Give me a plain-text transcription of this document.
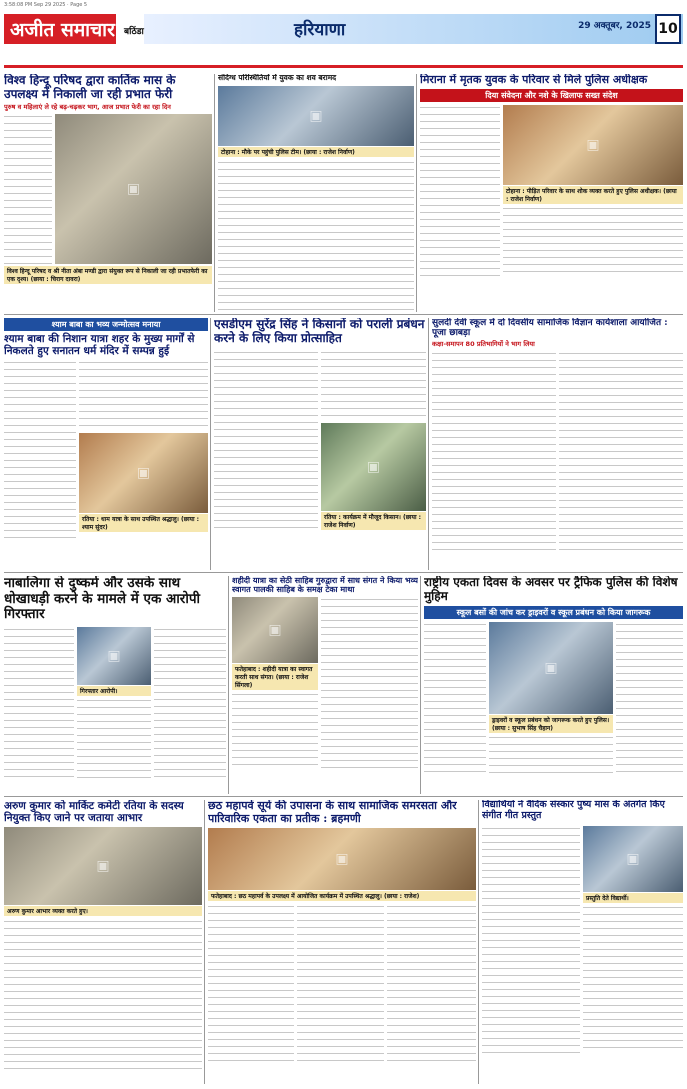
3:58:08 PM Sep 29 2025 · Page 5
अजीत समाचार बठिंडा	हरियाणा	29 अक्तूबर, 2025 10
विश्व हिन्दू परिषद द्वारा कार्तिक मास के उपलक्ष्य में निकाली जा रही प्रभात फेरी
पुरुष व महिलाएं ले रहे बढ़-चढ़कर भाग, आज प्रभात फेरी का रहा दिन
▣
विश्व हिन्दू परिषद व श्री नीता अंबा मण्डी द्वारा संयुक्त रूप से निकाली जा रही प्रभातफेरी का एक दृश्य। (छाया : चिराग दावरा)
संदिग्ध परिस्थितियों में युवक का शव बरामद
▣
टोहाना : मौके पर पहुंची पुलिस टीम। (छाया : राजेश निर्वाण)
मिराना में मृतक युवक के परिवार से मिले पुलिस अधीक्षक
दिया संवेदना और नशे के खिलाफ सख्त संदेश
▣
टोहाना : पीड़ित परिवार के साथ शोक व्यक्त करते हुए पुलिस अधीक्षक। (छाया : राजेश निर्वाण)
श्याम बाबा का भव्य जन्मोत्सव मनाया
श्याम बाबा की निशान यात्रा शहर के मुख्य मार्गों से निकलते हुए सनातन धर्म मंदिर में सम्पन्न हुई
▣
रतिया : धाम यात्रा के साथ उपस्थित श्रद्धालु। (छाया : श्याम सुंदर)
एसडीएम सुरेंद्र सिंह ने किसानों को पराली प्रबंधन करने के लिए किया प्रोत्साहित
▣
रतिया : कार्यक्रम में मौजूद किसान। (छाया : राजेश निर्वाण)
सुलदी देवी स्कूल में दो दिवसीय सामाजिक विज्ञान कार्यशाला आयोजित : पूजा छाबड़ा
कक्षा-समापन 80 प्रतिभागियों ने भाग लिया
नाबालिगा से दुष्कर्म और उसके साथ धोखाधड़ी करने के मामले में एक आरोपी गिरफ्तार
▣
गिरफ्तार आरोपी।
शहीदी यात्रा का सेठी साहिब गुरुद्वारा में साध संगत ने किया भव्य स्वागत पालकी साहिब के समक्ष टेका माथा
▣
फतेहाबाद : शहीदी यात्रा का स्वागत करती साध संगत। (छाया : राजेश सिंगला)
राष्ट्रीय एकता दिवस के अवसर पर ट्रैफिक पुलिस की विशेष मुहिम
स्कूल बसों की जांच कर ड्राइवरों व स्कूल प्रबंधन को किया जागरूक
▣
ड्राइवरों व स्कूल प्रबंधन को जागरूक करते हुए पुलिस। (छाया : सुभाष सिंह चैहान)
अरुण कुमार को मार्किट कमेटी रतिया के सदस्य नियुक्त किए जाने पर जताया आभार
▣
अरुण कुमार आभार व्यक्त करते हुए।
छठ महापर्व सूर्य की उपासना के साथ सामाजिक समरसता और पारिवारिक एकता का प्रतीक : ब्रहमणी
▣
फतेहाबाद : छठ महापर्व के उपलक्ष्य में आयोजित कार्यक्रम में उपस्थित श्रद्धालु। (छाया : राजेश)
विद्यार्थियों ने वैदिक संस्कार पुष्य मास के अंतर्गत किए संगीत गीत प्रस्तुत
▣
प्रस्तुति देते विद्यार्थी।
